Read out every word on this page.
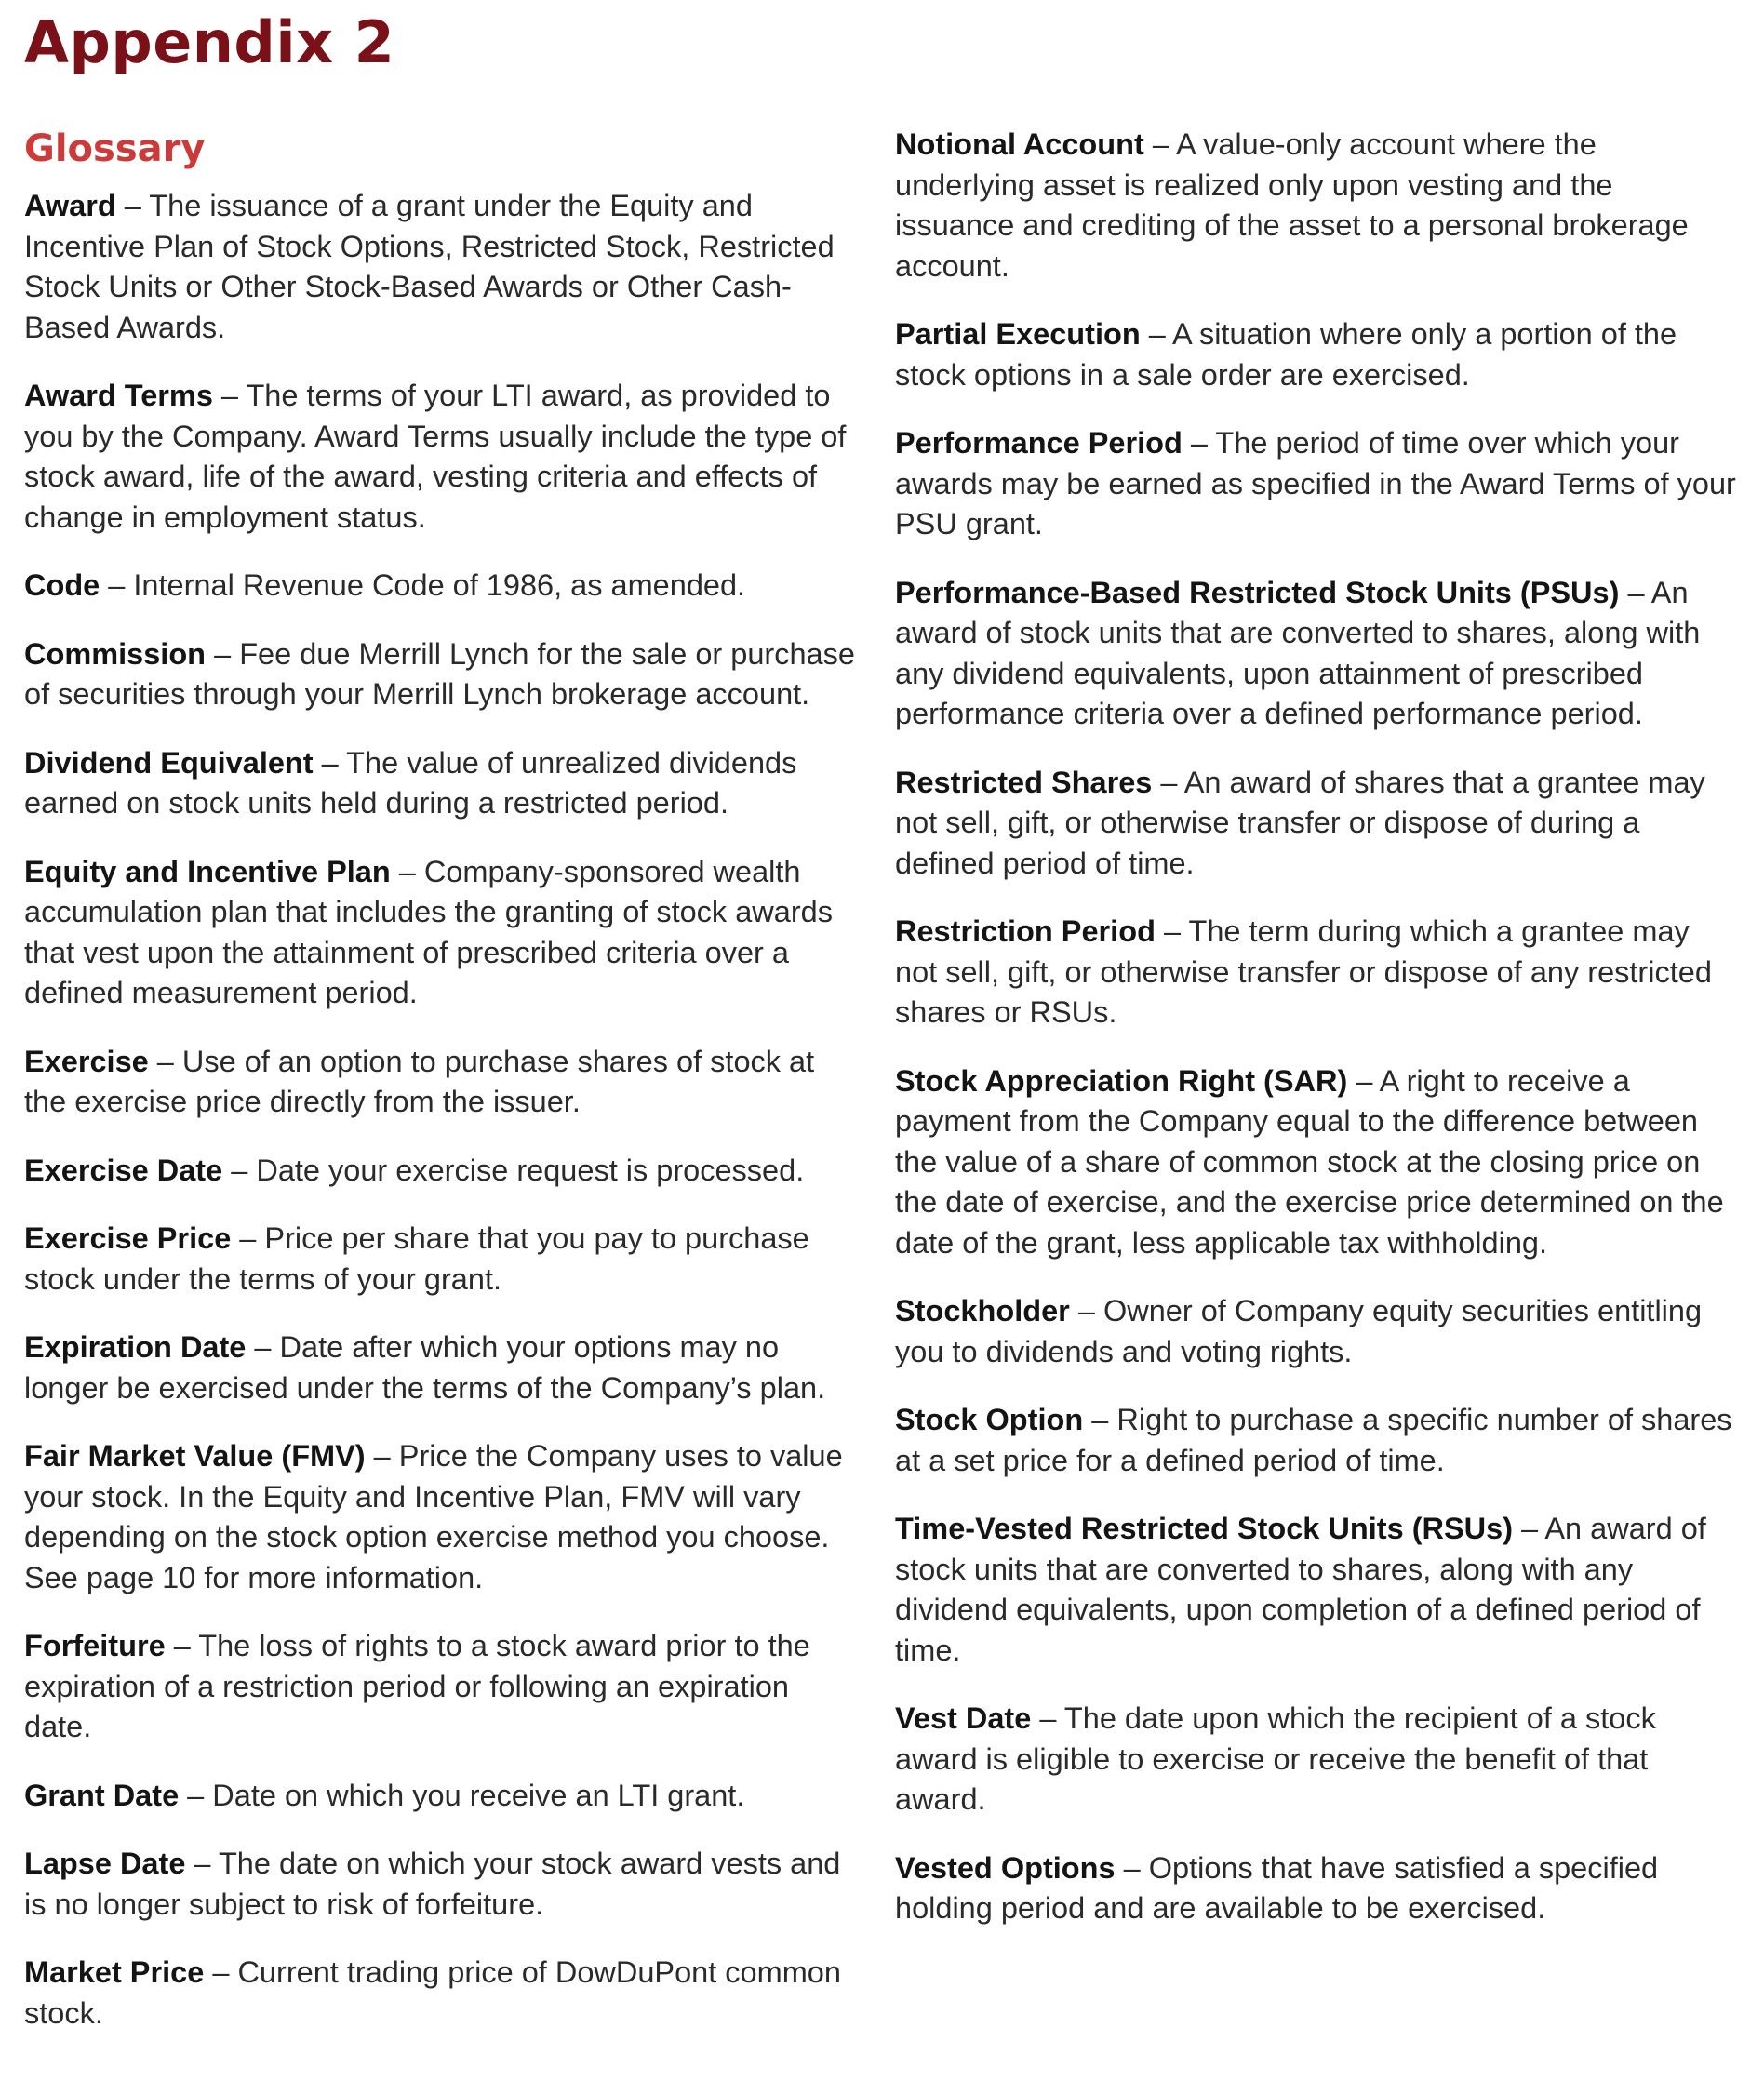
Appendix 2
Glossary

Award – The issuance of a grant under the Equity and Incentive Plan of Stock Options, Restricted Stock, Restricted Stock Units or Other Stock-Based Awards or Other Cash-Based Awards.

Award Terms – The terms of your LTI award, as provided to you by the Company. Award Terms usually include the type of stock award, life of the award, vesting criteria and effects of change in employment status.

Code – Internal Revenue Code of 1986, as amended.

Commission – Fee due Merrill Lynch for the sale or purchase of securities through your Merrill Lynch brokerage account.

Dividend Equivalent – The value of unrealized dividends earned on stock units held during a restricted period.

Equity and Incentive Plan – Company-sponsored wealth accumulation plan that includes the granting of stock awards that vest upon the attainment of prescribed criteria over a defined measurement period.

Exercise – Use of an option to purchase shares of stock at the exercise price directly from the issuer.

Exercise Date – Date your exercise request is processed.

Exercise Price – Price per share that you pay to purchase stock under the terms of your grant.

Expiration Date – Date after which your options may no longer be exercised under the terms of the Company’s plan.

Fair Market Value (FMV) – Price the Company uses to value your stock. In the Equity and Incentive Plan, FMV will vary depending on the stock option exercise method you choose. See page 10 for more information.

Forfeiture – The loss of rights to a stock award prior to the expiration of a restriction period or following an expiration date.

Grant Date – Date on which you receive an LTI grant.

Lapse Date – The date on which your stock award vests and is no longer subject to risk of forfeiture.

Market Price – Current trading price of DowDuPont common stock.

Notional Account – A value-only account where the underlying asset is realized only upon vesting and the issuance and crediting of the asset to a personal brokerage account.

Partial Execution – A situation where only a portion of the stock options in a sale order are exercised.

Performance Period – The period of time over which your awards may be earned as specified in the Award Terms of your PSU grant.

Performance-Based Restricted Stock Units (PSUs) – An award of stock units that are converted to shares, along with any dividend equivalents, upon attainment of prescribed performance criteria over a defined performance period.

Restricted Shares – An award of shares that a grantee may not sell, gift, or otherwise transfer or dispose of during a defined period of time.

Restriction Period – The term during which a grantee may not sell, gift, or otherwise transfer or dispose of any restricted shares or RSUs.

Stock Appreciation Right (SAR) – A right to receive a payment from the Company equal to the difference between the value of a share of common stock at the closing price on the date of exercise, and the exercise price determined on the date of the grant, less applicable tax withholding.

Stockholder – Owner of Company equity securities entitling you to dividends and voting rights.

Stock Option – Right to purchase a specific number of shares at a set price for a defined period of time.

Time-Vested Restricted Stock Units (RSUs) – An award of stock units that are converted to shares, along with any dividend equivalents, upon completion of a defined period of time.

Vest Date – The date upon which the recipient of a stock award is eligible to exercise or receive the benefit of that award.

Vested Options – Options that have satisfied a specified holding period and are available to be exercised.
